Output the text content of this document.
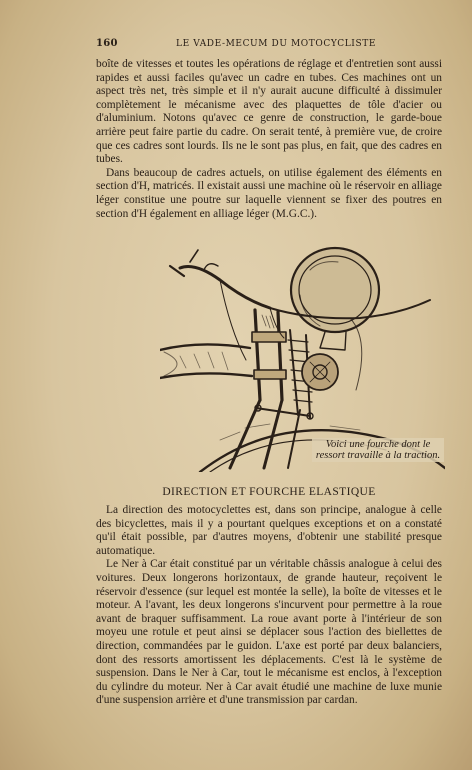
160	LE VADE-MECUM DU MOTOCYCLISTE

boîte de vitesses et toutes les opérations de réglage et d'entretien sont aussi rapides et aussi faciles qu'avec un cadre en tubes. Ces machines ont un aspect très net, très simple et il n'y aurait aucune difficulté à dissimuler complètement le mécanisme avec des plaquettes de tôle d'acier ou d'aluminium. Notons qu'avec ce genre de construction, le garde-boue arrière peut faire partie du cadre. On serait tenté, à première vue, de croire que ces cadres sont lourds. Ils ne le sont pas plus, en fait, que des cadres en tubes.

Dans beaucoup de cadres actuels, on utilise également des éléments en section d'H, matricés. Il existait aussi une machine où le réservoir en alliage léger constitue une poutre sur laquelle viennent se fixer des poutres en section d'H également en alliage léger (M.G.C.).

Voici une fourche dont le ressort travaille à la traction.
DIRECTION ET FOURCHE ELASTIQUE

La direction des motocyclettes est, dans son principe, analogue à celle des bicyclettes, mais il y a pourtant quelques exceptions et on a constaté qu'il était possible, par d'autres moyens, d'obtenir une stabilité presque automatique.

Le Ner à Car était constitué par un véritable châssis analogue à celui des voitures. Deux longerons horizontaux, de grande hauteur, reçoivent le réservoir d'essence (sur lequel est montée la selle), la boîte de vitesses et le moteur. A l'avant, les deux longerons s'incurvent pour permettre à la roue avant de braquer suffisamment. La roue avant porte à l'intérieur de son moyeu une rotule et peut ainsi se déplacer sous l'action des biellettes de direction, commandées par le guidon. L'axe est porté par deux balanciers, dont des ressorts amortissent les déplacements. C'est là le système de suspension. Dans le Ner à Car, tout le mécanisme est enclos, à l'exception du cylindre du moteur. Ner à Car avait étudié une machine de luxe munie d'une suspension arrière et d'une transmission par cardan.
